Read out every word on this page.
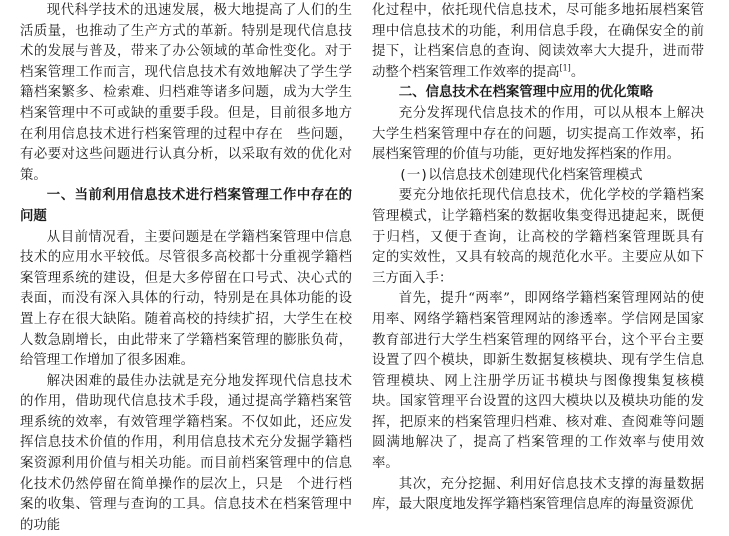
现代科学技术的迅速发展，极大地提高了人们的生活质量，也推动了生产方式的革新。特别是现代信息技术的发展与普及，带来了办公领域的革命性变化。对于档案管理工作而言，现代信息技术有效地解决了学生学籍档案繁多、检索难、归档难等诸多问题，成为大学生档案管理中不可或缺的重要手段。但是，目前很多地方在利用信息技术进行档案管理的过程中存在　些问题，有必要对这些问题进行认真分析，以采取有效的优化对策。

一、当前利用信息技术进行档案管理工作中存在的问题

从目前情况看，主要问题是在学籍档案管理中信息技术的应用水平较低。尽管很多高校都十分重视学籍档案管理系统的建设，但是大多停留在口号式、决心式的表面，而没有深入具体的行动，特别是在具体功能的设置上存在很大缺陷。随着高校的持续扩招，大学生在校人数急剧增长，由此带来了学籍档案管理的膨胀负荷，给管理工作增加了很多困难。

解决困难的最佳办法就是充分地发挥现代信息技术的作用，借助现代信息技术手段，通过提高学籍档案管理系统的效率，有效管理学籍档案。不仅如此，还应发挥信息技术价值的作用，利用信息技术充分发掘学籍档案资源利用价值与相关功能。而目前档案管理中的信息化技术仍然停留在简单操作的层次上，只是　个进行档案的收集、管理与查询的工具。信息技术在档案管理中的功能

化过程中，依托现代信息技术，尽可能多地拓展档案管理中信息技术的功能，利用信息手段，在确保安全的前提下，让档案信息的查询、阅读效率大大提升，进而带动整个档案管理工作效率的提高[1]。

二、信息技术在档案管理中应用的优化策略

充分发挥现代信息技术的作用，可以从根本上解决大学生档案管理中存在的问题，切实提高工作效率，拓展档案管理的价值与功能，更好地发挥档案的作用。

(一)以信息技术创建现代化档案管理模式

要充分地依托现代信息技术，优化学校的学籍档案管理模式，让学籍档案的数据收集变得迅捷起来，既便于归档，又便于查询，让高校的学籍档案管理既具有　定的实效性，又具有较高的规范化水平。主要应从如下三方面入手：

首先，提升“两率”，即网络学籍档案管理网站的使用率、网络学籍档案管理网站的渗透率。学信网是国家教育部进行大学生档案管理的网络平台，这个平台主要设置了四个模块，即新生数据复核模块、现有学生信息管理模块、网上注册学历证书模块与图像搜集复核模块。国家管理平台设置的这四大模块以及模块功能的发挥，把原来的档案管理归档难、核对难、查阅难等问题圆满地解决了，提高了档案管理的工作效率与使用效率。

其次，充分挖掘、利用好信息技术支撑的海量数据库，最大限度地发挥学籍档案管理信息库的海量资源优
